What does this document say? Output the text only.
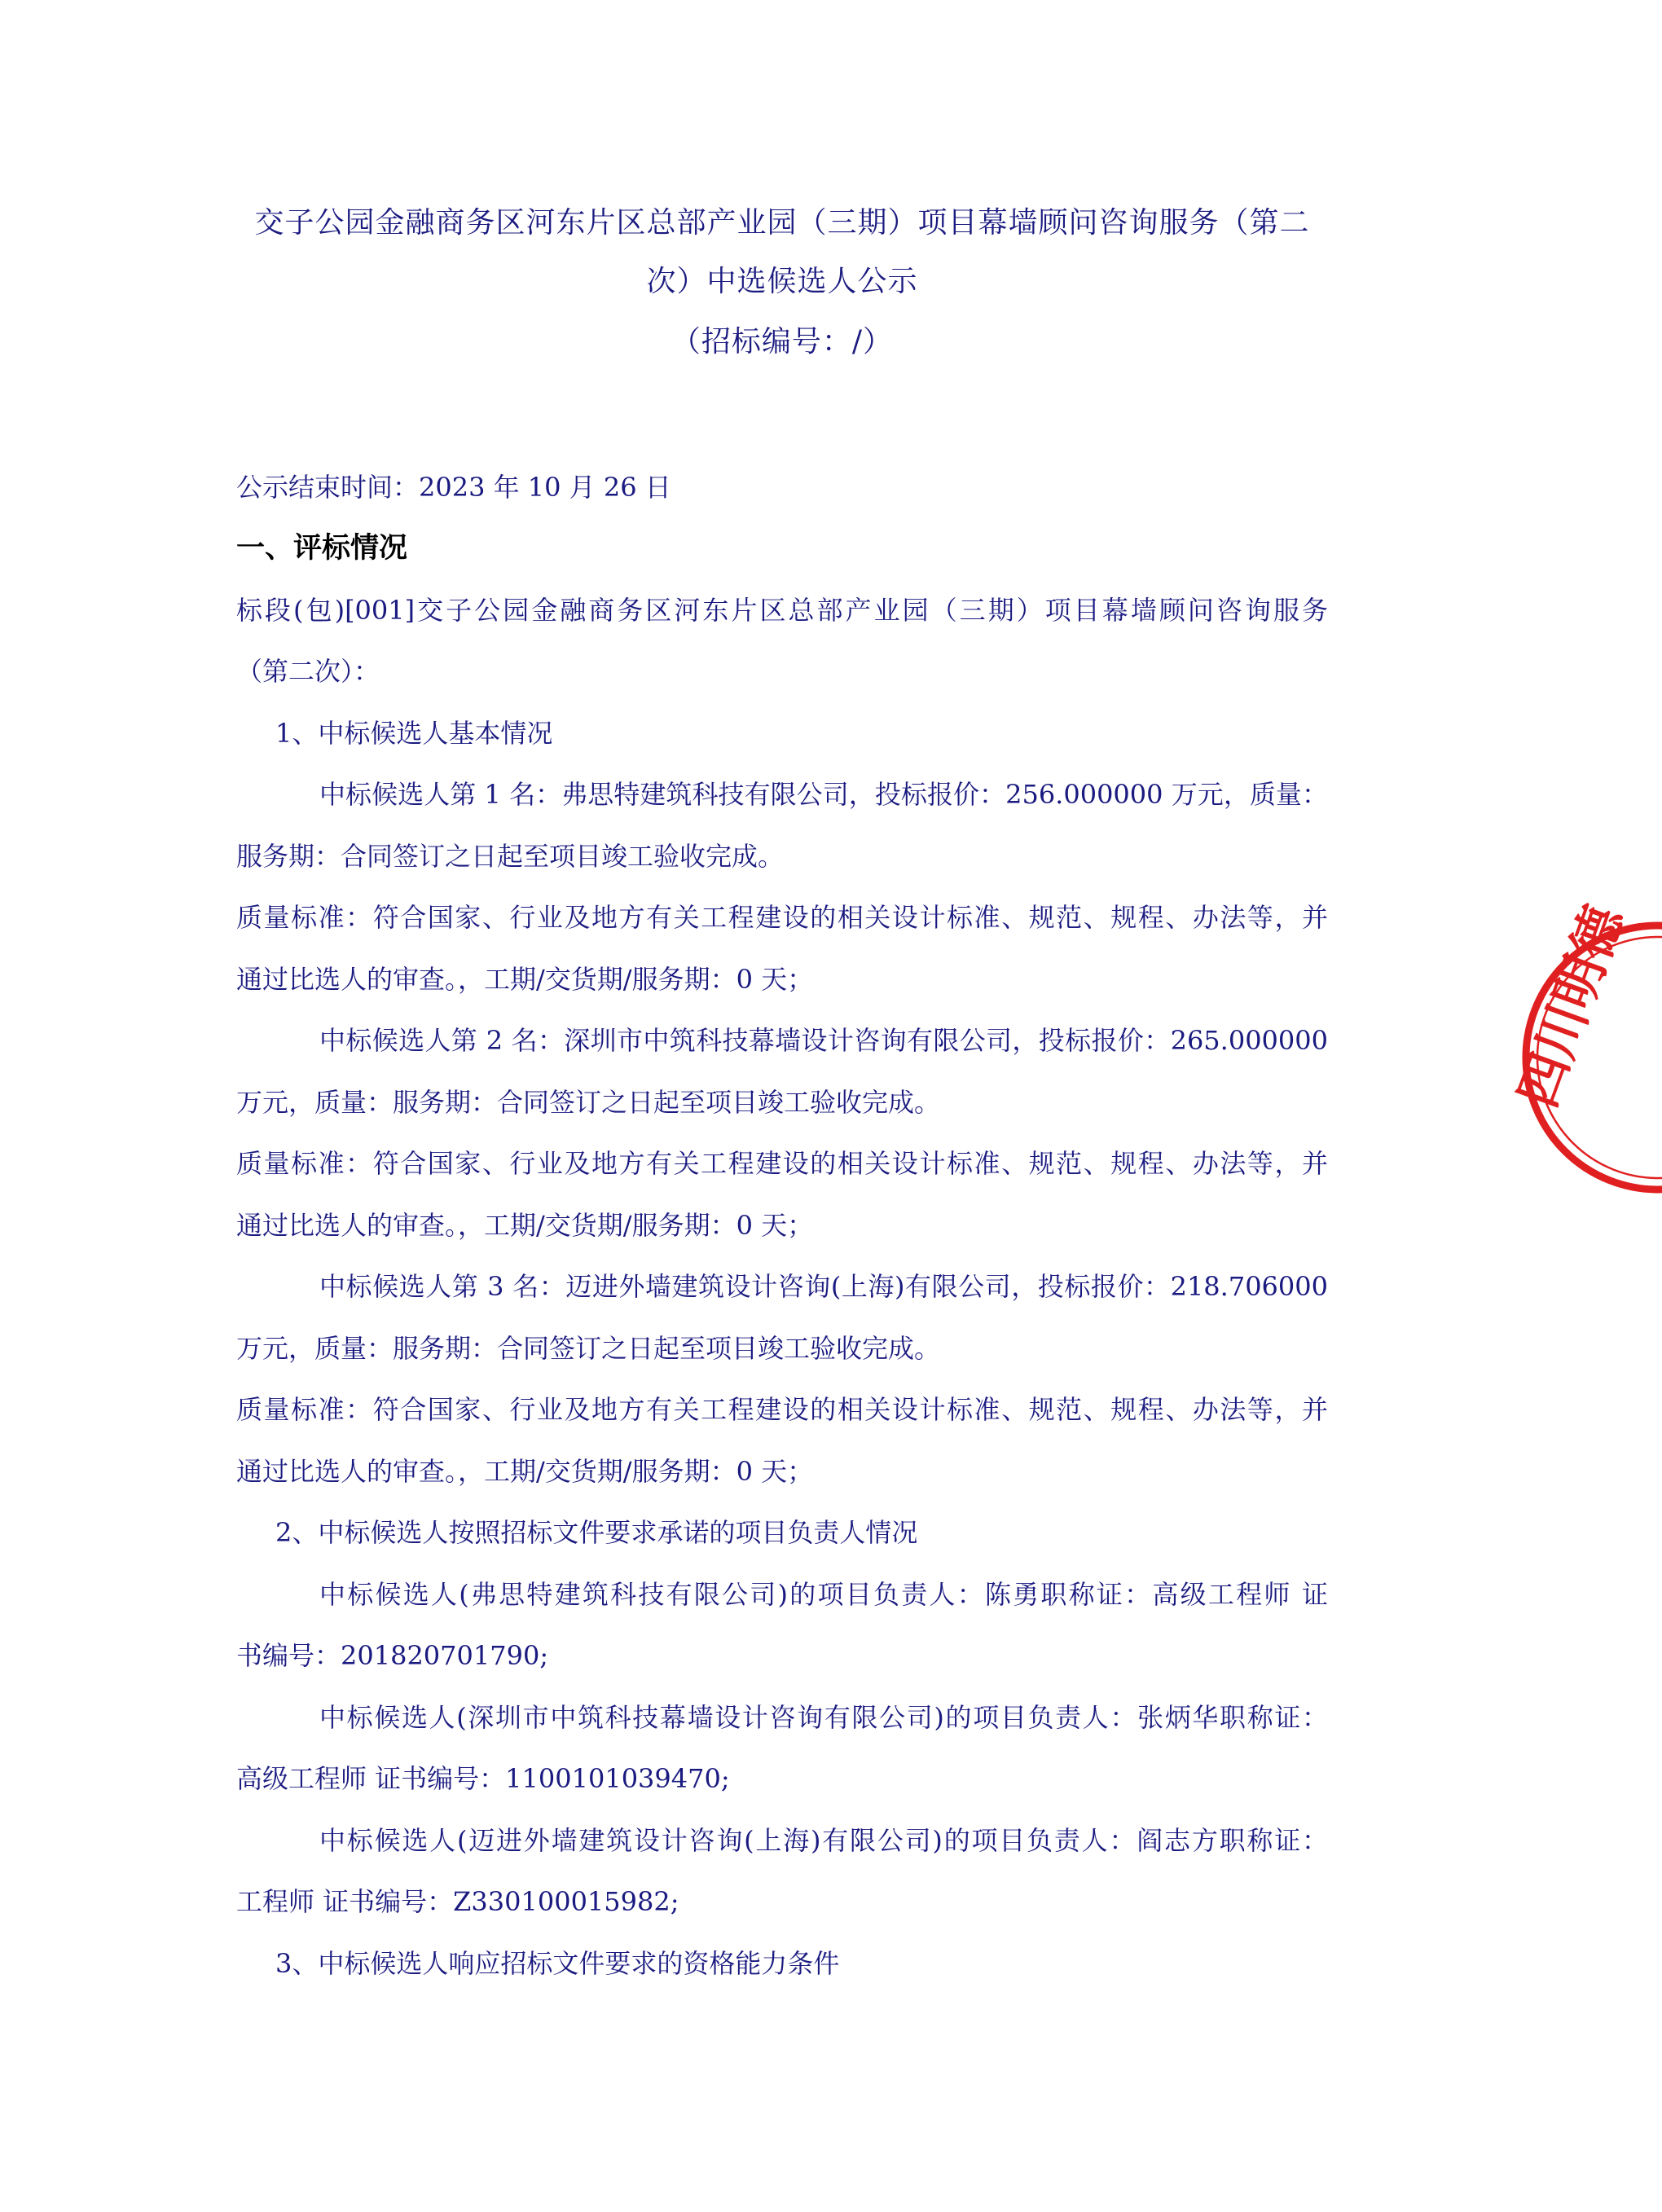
交子公园金融商务区河东片区总部产业园（三期）项目幕墙顾问咨询服务（第二
次）中选候选人公示
（招标编号：/）
公示结束时间：2023 年 10 月 26 日
一、评标情况
标段(包)[001]交子公园金融商务区河东片区总部产业园（三期）项目幕墙顾问咨询服务
（第二次）：
1、中标候选人基本情况
中标候选人第 1 名：弗思特建筑科技有限公司，投标报价：256.000000 万元，质量：
服务期：合同签订之日起至项目竣工验收完成。
质量标准：符合国家、行业及地方有关工程建设的相关设计标准、规范、规程、办法等，并
通过比选人的审查。，工期/交货期/服务期：0 天；
中标候选人第 2 名：深圳市中筑科技幕墙设计咨询有限公司，投标报价：265.000000
万元，质量：服务期：合同签订之日起至项目竣工验收完成。
质量标准：符合国家、行业及地方有关工程建设的相关设计标准、规范、规程、办法等，并
通过比选人的审查。，工期/交货期/服务期：0 天；
中标候选人第 3 名：迈进外墙建筑设计咨询(上海)有限公司，投标报价：218.706000
万元，质量：服务期：合同签订之日起至项目竣工验收完成。
质量标准：符合国家、行业及地方有关工程建设的相关设计标准、规范、规程、办法等，并
通过比选人的审查。，工期/交货期/服务期：0 天；
2、中标候选人按照招标文件要求承诺的项目负责人情况
中标候选人(弗思特建筑科技有限公司)的项目负责人：陈勇职称证：高级工程师 证
书编号：201820701790;
中标候选人(深圳市中筑科技幕墙设计咨询有限公司)的项目负责人：张炳华职称证：
高级工程师 证书编号：1100101039470;
中标候选人(迈进外墙建筑设计咨询(上海)有限公司)的项目负责人：阎志方职称证：
工程师 证书编号：Z330100015982;
3、中标候选人响应招标文件要求的资格能力条件
四川明德
